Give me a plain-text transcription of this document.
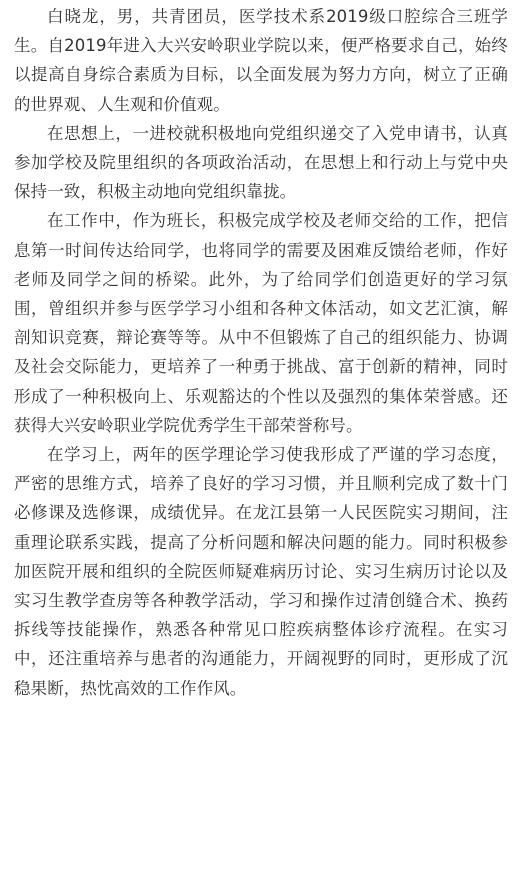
白晓龙，男，共青团员，医学技术系2019级口腔综合三班学生。自2019年进入大兴安岭职业学院以来，便严格要求自己，始终以提高自身综合素质为目标，以全面发展为努力方向，树立了正确的世界观、人生观和价值观。

在思想上，一进校就积极地向党组织递交了入党申请书，认真参加学校及院里组织的各项政治活动，在思想上和行动上与党中央保持一致，积极主动地向党组织靠拢。

在工作中，作为班长，积极完成学校及老师交给的工作，把信息第一时间传达给同学，也将同学的需要及困难反馈给老师，作好老师及同学之间的桥梁。此外，为了给同学们创造更好的学习氛围，曾组织并参与医学学习小组和各种文体活动，如文艺汇演，解剖知识竞赛，辩论赛等等。从中不但锻炼了自己的组织能力、协调及社会交际能力，更培养了一种勇于挑战、富于创新的精神，同时形成了一种积极向上、乐观豁达的个性以及强烈的集体荣誉感。还获得大兴安岭职业学院优秀学生干部荣誉称号。

在学习上，两年的医学理论学习使我形成了严谨的学习态度，严密的思维方式，培养了良好的学习习惯，并且顺利完成了数十门必修课及选修课，成绩优异。在龙江县第一人民医院实习期间，注重理论联系实践，提高了分析问题和解决问题的能力。同时积极参加医院开展和组织的全院医师疑难病历讨论、实习生病历讨论以及实习生教学查房等各种教学活动，学习和操作过清创缝合术、换药拆线等技能操作，熟悉各种常见口腔疾病整体诊疗流程。在实习中，还注重培养与患者的沟通能力，开阔视野的同时，更形成了沉稳果断，热忱高效的工作作风。
